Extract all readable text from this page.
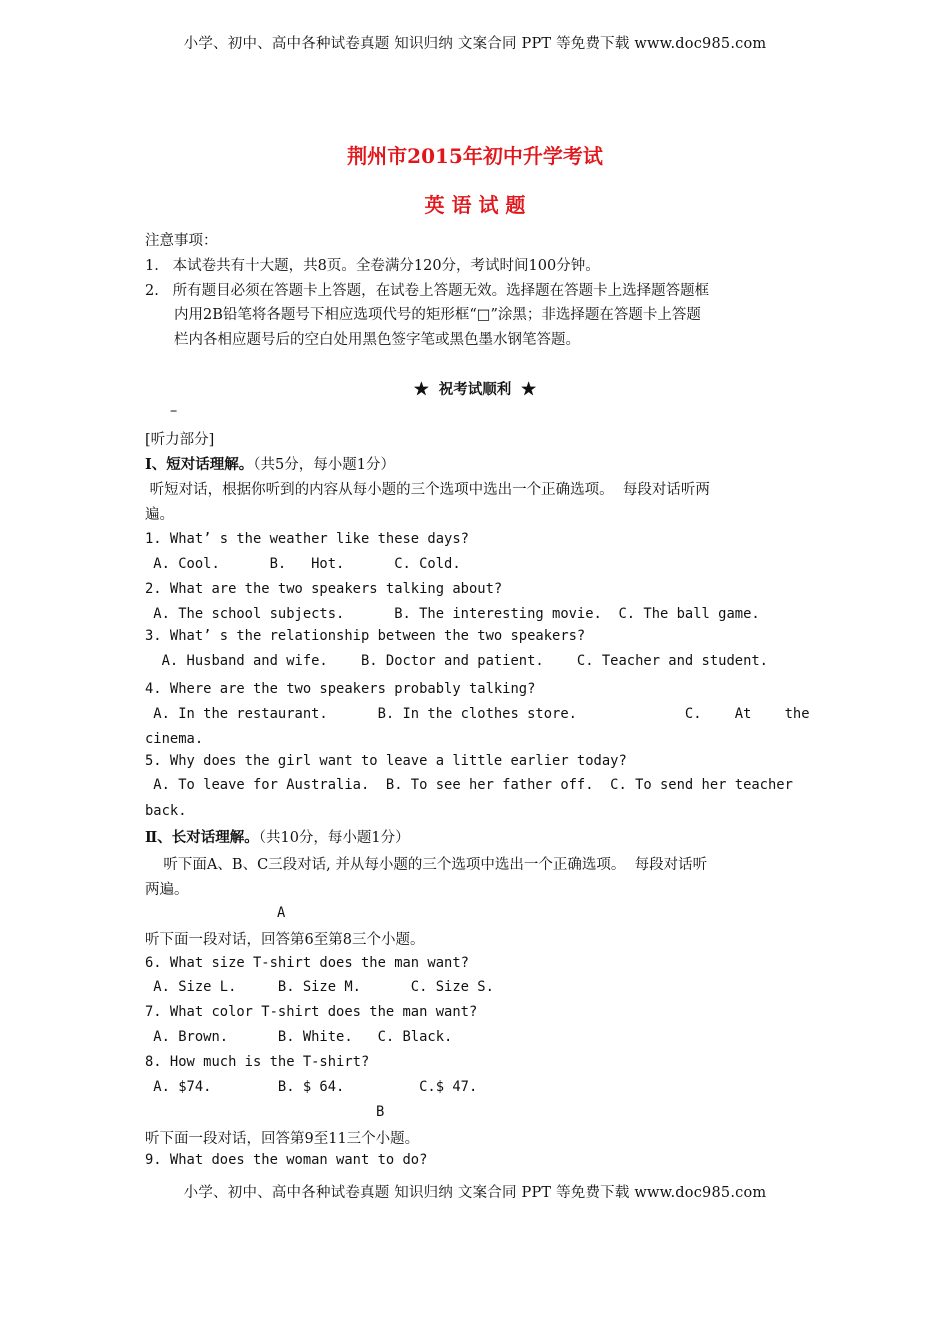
小学、初中、高中各种试卷真题 知识归纳 文案合同 PPT 等免费下载 www.doc985.com
荆州市2015年初中升学考试
英 语 试 题
注意事项：
1.   本试卷共有十大题，共8页。全卷满分120分，考试时间100分钟。
2.   所有题目必须在答题卡上答题，在试卷上答题无效。选择题在答题卡上选择题答题框
内用2B铅笔将各题号下相应选项代号的矩形框“□”涂黑；非选择题在答题卡上答题
栏内各相应题号后的空白处用黑色签字笔或黑色墨水钢笔答题。
★  祝考试顺利  ★
–
[听力部分]
Ⅰ、短对话理解。（共5分，每小题1分）
听短对话，根据你听到的内容从每小题的三个选项中选出一个正确选项。  每段对话听两
遍。
1. What’ s the weather like these days?
A. Cool.      B.   Hot.      C. Cold.
2. What are the two speakers talking about?
A. The school subjects.      B. The interesting movie.  C. The ball game.
3. What’ s the relationship between the two speakers?
A. Husband and wife.    B. Doctor and patient.    C. Teacher and student.
4. Where are the two speakers probably talking?
A. In the restaurant.      B. In the clothes store.             C.    At    the
cinema.
5. Why does the girl want to leave a little earlier today?
A. To leave for Australia.  B. To see her father off.  C. To send her teacher
back.
Ⅱ、长对话理解。（共10分，每小题1分）
听下面A、B、C三段对话, 并从每小题的三个选项中选出一个正确选项。  每段对话听
两遍。
A
听下面一段对话，回答第6至第8三个小题。
6. What size T-shirt does the man want?
A. Size L.     B. Size M.      C. Size S.
7. What color T-shirt does the man want?
A. Brown.      B. White.   C. Black.
8. How much is the T-shirt?
A. $74.        B. $ 64.         C.$ 47.
B
听下面一段对话，回答第9至11三个小题。
9. What does the woman want to do?
小学、初中、高中各种试卷真题 知识归纳 文案合同 PPT 等免费下载 www.doc985.com
